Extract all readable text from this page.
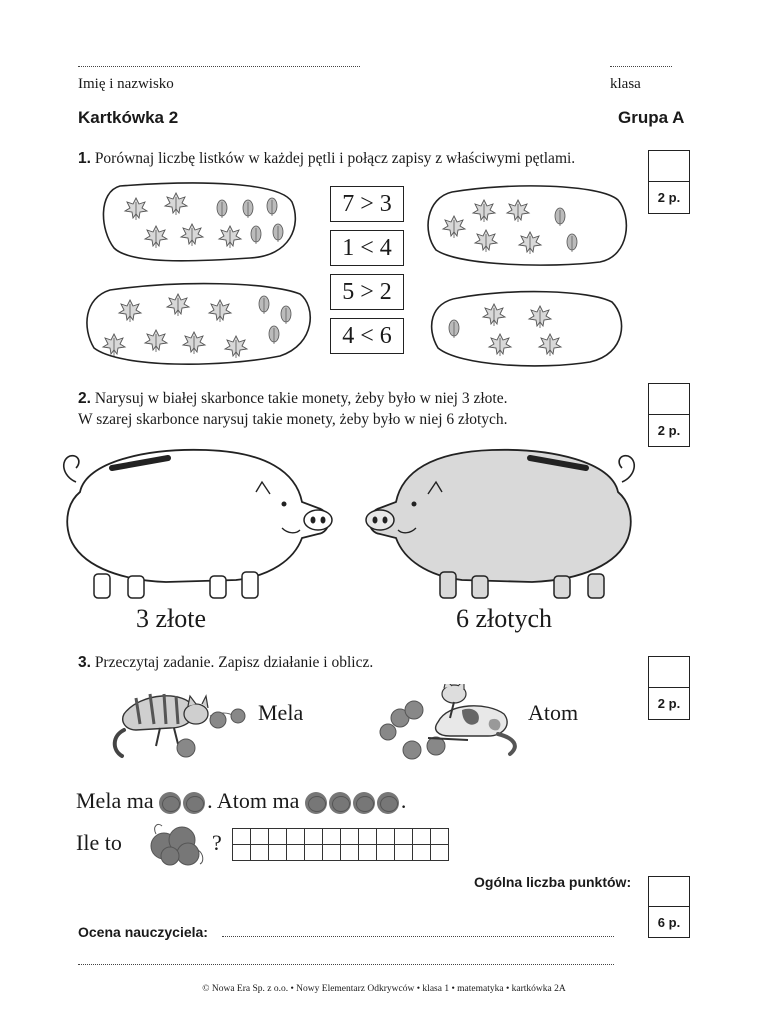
Imię i nazwisko	klasa
Kartkówka 2	Grupa A
1. Porównaj liczbę listków w każdej pętli i połącz zapisy z właściwymi pętlami.
2 p.
7 > 3
1 < 4
5 > 2
4 < 6
2. Narysuj w białej skarbonce takie monety, żeby było w niej 3 złote.
W szarej skarbonce narysuj takie monety, żeby było w niej 6 złotych.
2 p.
3 złote	6 złotych
3. Przeczytaj zadanie. Zapisz działanie i oblicz.
2 p.
Mela	Atom
Mela ma . Atom ma	.
Ile to	?
Ogólna liczba punktów:
6 p.
Ocena nauczyciela:
© Nowa Era Sp. z o.o. • Nowy Elementarz Odkrywców • klasa 1 • matematyka • kartkówka 2A
